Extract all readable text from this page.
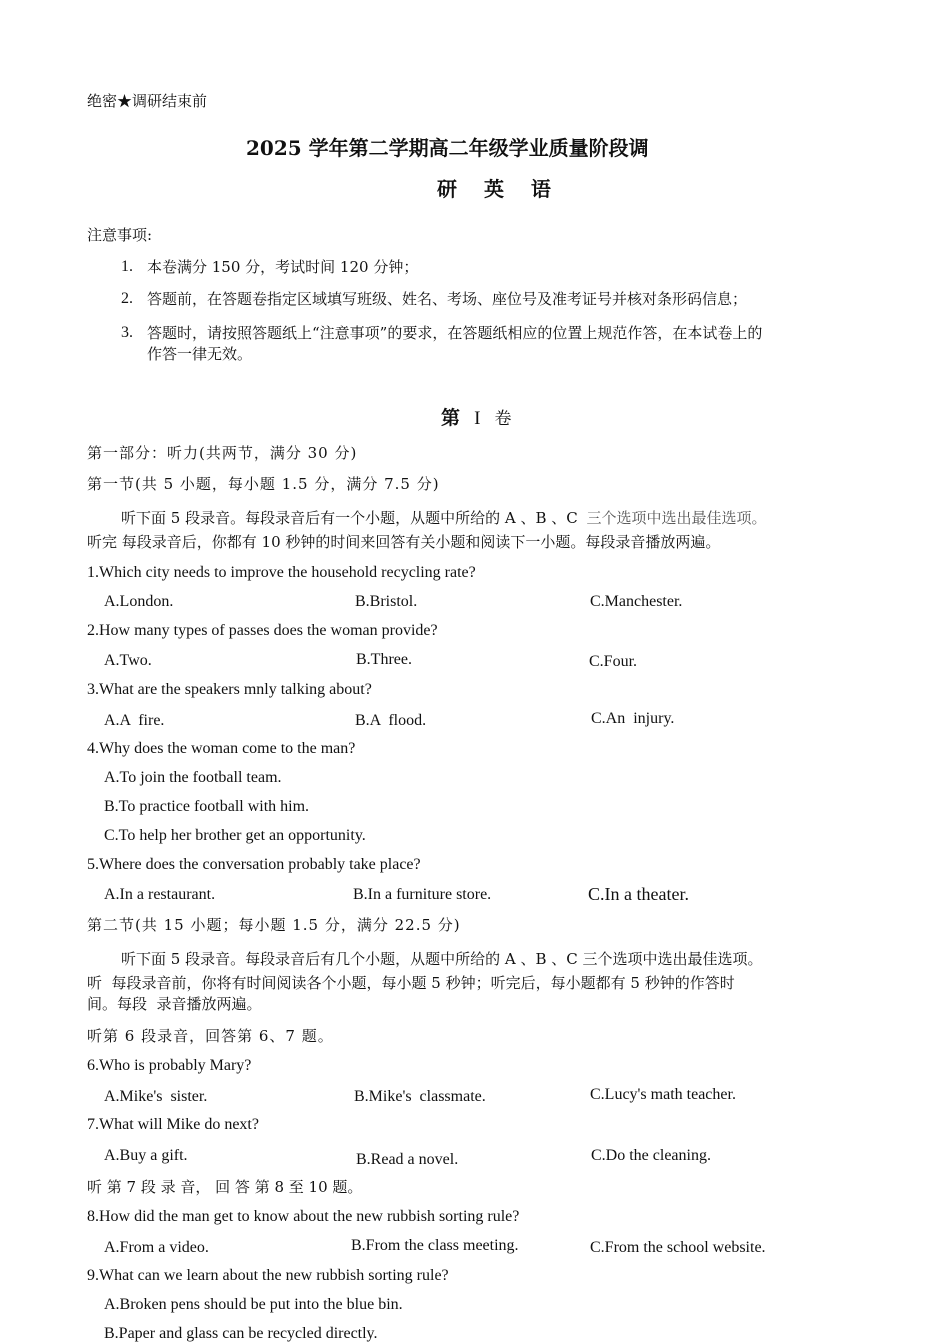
绝密★调研结束前
2025 学年第二学期高二年级学业质量阶段调
研 英 语
注意事项:
1. 本卷满分 150 分，考试时间 120 分钟；
2. 答题前，在答题卷指定区域填写班级、姓名、考场、座位号及准考证号并核对条形码信息；
3. 答题时，请按照答题纸上“注意事项”的要求，在答题纸相应的位置上规范作答，在本试卷上的
作答一律无效。
第 I 卷
第一部分：听力(共两节，满分 30 分)
第一节(共 5 小题，每小题 1.5 分，满分 7.5 分)
听下面 5 段录音。每段录音后有一个小题，从题中所给的 A 、B 、C 三个选项中选出最佳选项。
听完 每段录音后，你都有 10 秒钟的时间来回答有关小题和阅读下一小题。每段录音播放两遍。
1.Which city needs to improve the household recycling rate?
A.London.	B.Bristol.	C.Manchester.
2.How many types of passes does the woman provide?
A.Two.	B.Three.	C.Four.
3.What are the speakers mnly talking about?
A.A  fire.	B.A  flood.	C.An  injury.
4.Why does the woman come to the man?
A.To join the football team.
B.To practice football with him.
C.To help her brother get an opportunity.
5.Where does the conversation probably take place?
A.In a restaurant.	B.In a furniture store.	C.In a theater.
第二节(共 15 小题；每小题 1.5 分，满分 22.5 分)
听下面 5 段录音。每段录音后有几个小题，从题中所给的 A 、B 、C 三个选项中选出最佳选项。
听  每段录音前，你将有时间阅读各个小题，每小题 5 秒钟；听完后，每小题都有 5 秒钟的作答时
间。每段  录音播放两遍。
听第 6 段录音，回答第 6、7 题。
6.Who is probably Mary?
A.Mike's  sister.	B.Mike's  classmate.	C.Lucy's math teacher.
7.What will Mike do next?
A.Buy a gift.	B.Read a novel.	C.Do the cleaning.
听 第 7 段 录 音， 回 答 第 8 至 10 题。
8.How did the man get to know about the new rubbish sorting rule?
A.From a video.	B.From the class meeting.	C.From the school website.
9.What can we learn about the new rubbish sorting rule?
A.Broken pens should be put into the blue bin.
B.Paper and glass can be recycled directly.
